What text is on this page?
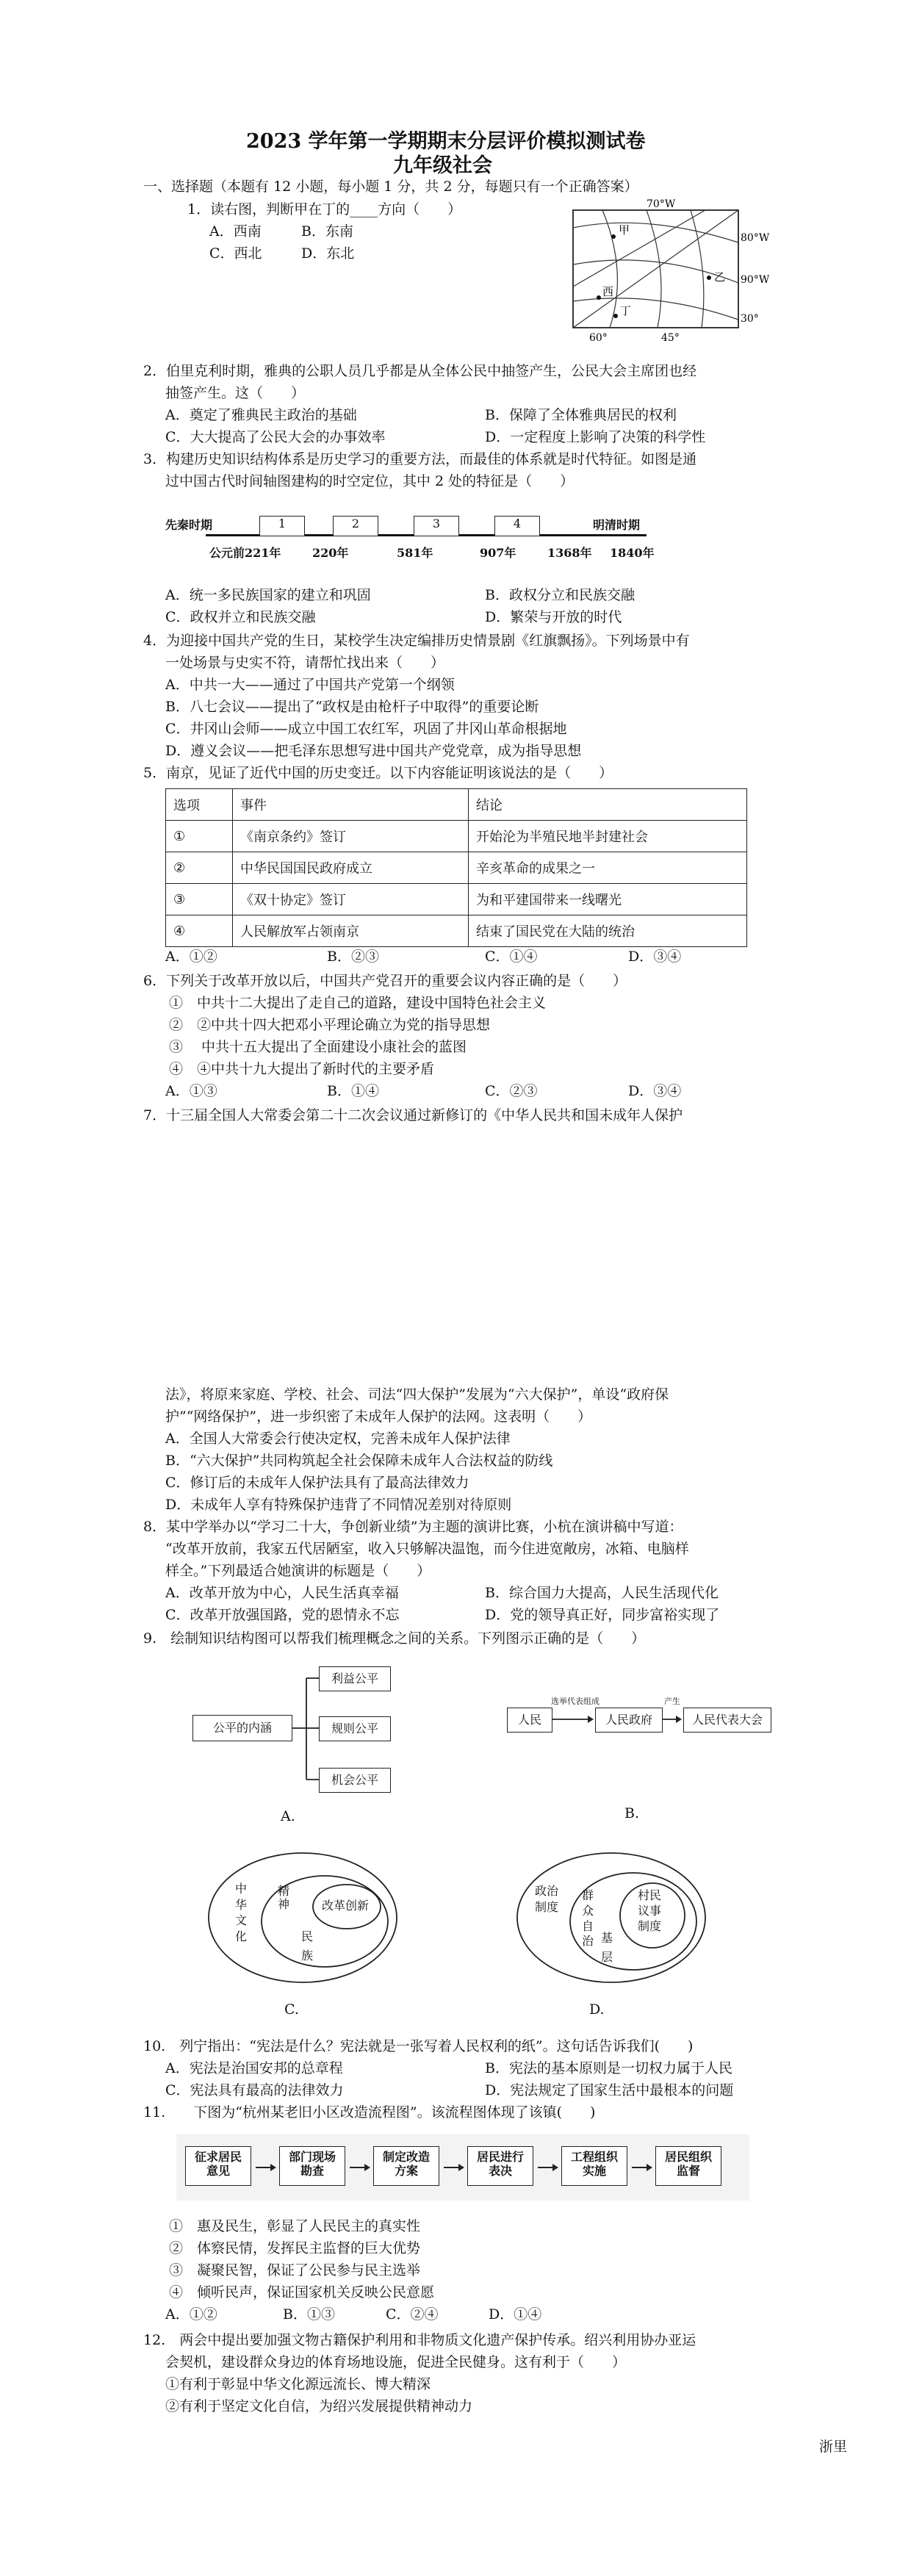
2023 学年第一学期期末分层评价模拟测试卷
九年级社会
一、选择题（本题有 12 小题，每小题 1 分，共 2 分，每题只有一个正确答案）
1．读右图，判断甲在丁的____方向（　　）
A．西南	B．东南
C．西北	D．东北
70°W
80°W
90°W
30°
60°	45°
甲
乙
西
丁
2．伯里克利时期，雅典的公职人员几乎都是从全体公民中抽签产生，公民大会主席团也经
抽签产生。这（　　）
A．奠定了雅典民主政治的基础	B．保障了全体雅典居民的权利
C．大大提高了公民大会的办事效率	D．一定程度上影响了决策的科学性
3．构建历史知识结构体系是历史学习的重要方法，而最佳的体系就是时代特征。如图是通
过中国古代时间轴图建构的时空定位，其中 2 处的特征是（　　）
先秦时期	明清时期
1	2	3	4
公元前221年	220年	581年	907年	1368年 1840年
A．统一多民族国家的建立和巩固	B．政权分立和民族交融
C．政权并立和民族交融	D．繁荣与开放的时代
4．为迎接中国共产党的生日，某校学生决定编排历史情景剧《红旗飘扬》。下列场景中有
一处场景与史实不符，请帮忙找出来（　　）
A．中共一大——通过了中国共产党第一个纲领
B．八七会议——提出了“政权是由枪杆子中取得”的重要论断
C．井冈山会师——成立中国工农红军，巩固了井冈山革命根据地
D．遵义会议——把毛泽东思想写进中国共产党党章，成为指导思想
5．南京，见证了近代中国的历史变迁。以下内容能证明该说法的是（　　）
选项	事件	结论
①	《南京条约》签订	开始沦为半殖民地半封建社会
②	中华民国国民政府成立	辛亥革命的成果之一
③	《双十协定》签订	为和平建国带来一线曙光
④	人民解放军占领南京	结束了国民党在大陆的统治
A．①②	B．②③	C．①④	D．③④
6．下列关于改革开放以后，中国共产党召开的重要会议内容正确的是（　　）
①　中共十二大提出了走自己的道路，建设中国特色社会主义
②　②中共十四大把邓小平理论确立为党的指导思想
③　 中共十五大提出了全面建设小康社会的蓝图
④　④中共十九大提出了新时代的主要矛盾
A．①③	B．①④	C．②③	D．③④
7．十三届全国人大常委会第二十二次会议通过新修订的《中华人民共和国未成年人保护
法》，将原来家庭、学校、社会、司法“四大保护”发展为“六大保护”，单设“政府保
护”“网络保护”，进一步织密了未成年人保护的法网。这表明（　　）
A．全国人大常委会行使决定权，完善未成年人保护法律
B．“六大保护”共同构筑起全社会保障未成年人合法权益的防线
C．修订后的未成年人保护法具有了最高法律效力
D．未成年人享有特殊保护违背了不同情况差别对待原则
8．某中学举办以“学习二十大，争创新业绩”为主题的演讲比赛，小杭在演讲稿中写道：
“改革开放前，我家五代居陋室，收入只够解决温饱，而今住进宽敞房，冰箱、电脑样
样全。”下列最适合她演讲的标题是（　　）
A．改革开放为中心，人民生活真幸福	B．综合国力大提高，人民生活现代化
C．改革开放强国路，党的恩情永不忘	D．党的领导真正好，同步富裕实现了
9.　绘制知识结构图可以帮我们梳理概念之间的关系。下列图示正确的是（　　）
公平的内涵
利益公平
规则公平
机会公平
A.
人民
选举代表组成
人民政府
产生
人民代表大会
B.
中华文化
精神
民族
改革创新
C.
政治制度
群众自治 基层
村民议事制度
D.
10.　列宁指出：“宪法是什么？宪法就是一张写着人民权利的纸”。这句话告诉我们(　　)
A．宪法是治国安邦的总章程	B．宪法的基本原则是一切权力属于人民
C．宪法具有最高的法律效力	D．宪法规定了国家生活中最根本的问题
11.　　下图为“杭州某老旧小区改造流程图”。该流程图体现了该镇(　　)
征求居民意见
部门现场勘查
制定改造方案
居民进行表决
工程组织实施
居民组织监督
①　惠及民生，彰显了人民民主的真实性
②　体察民情，发挥民主监督的巨大优势
③　凝聚民智，保证了公民参与民主选举
④　倾听民声，保证国家机关反映公民意愿
A．①②	B．①③	C．②④	D．①④
12.　两会中提出要加强文物古籍保护利用和非物质文化遗产保护传承。绍兴利用协办亚运
会契机，建设群众身边的体育场地设施，促进全民健身。这有利于（　　）
①有利于彰显中华文化源远流长、博大精深
②有利于坚定文化自信，为绍兴发展提供精神动力
浙里
